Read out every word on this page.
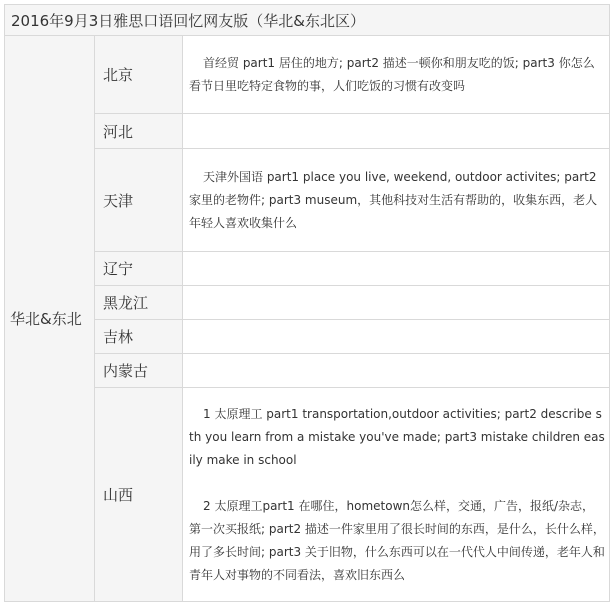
2016年9月3日雅思口语回忆网友版（华北&东北区）		
华北&东北	北京	首经贸 part1 居住的地方; part2 描述一顿你和朋友吃的饭; part3 你怎么看节日里吃特定食物的事，人们吃饭的习惯有改变吗

	河北	
	天津	天津外国语 part1 place you live, weekend, outdoor activites; part2 家里的老物件; part3 museum，其他科技对生活有帮助的，收集东西，老人年轻人喜欢收集什么

	辽宁	
	黑龙江	
	吉林	
	内蒙古	
	山西	1 太原理工 part1 transportation,outdoor activities; part2 describe sth you learn from a mistake you've made; part3 mistake children easily make in school

2 太原理工part1 在哪住，hometown怎么样，交通，广告，报纸/杂志，第一次买报纸; part2 描述一件家里用了很长时间的东西，是什么，长什么样，用了多长时间; part3 关于旧物，什么东西可以在一代代人中间传递，老年人和青年人对事物的不同看法，喜欢旧东西么
